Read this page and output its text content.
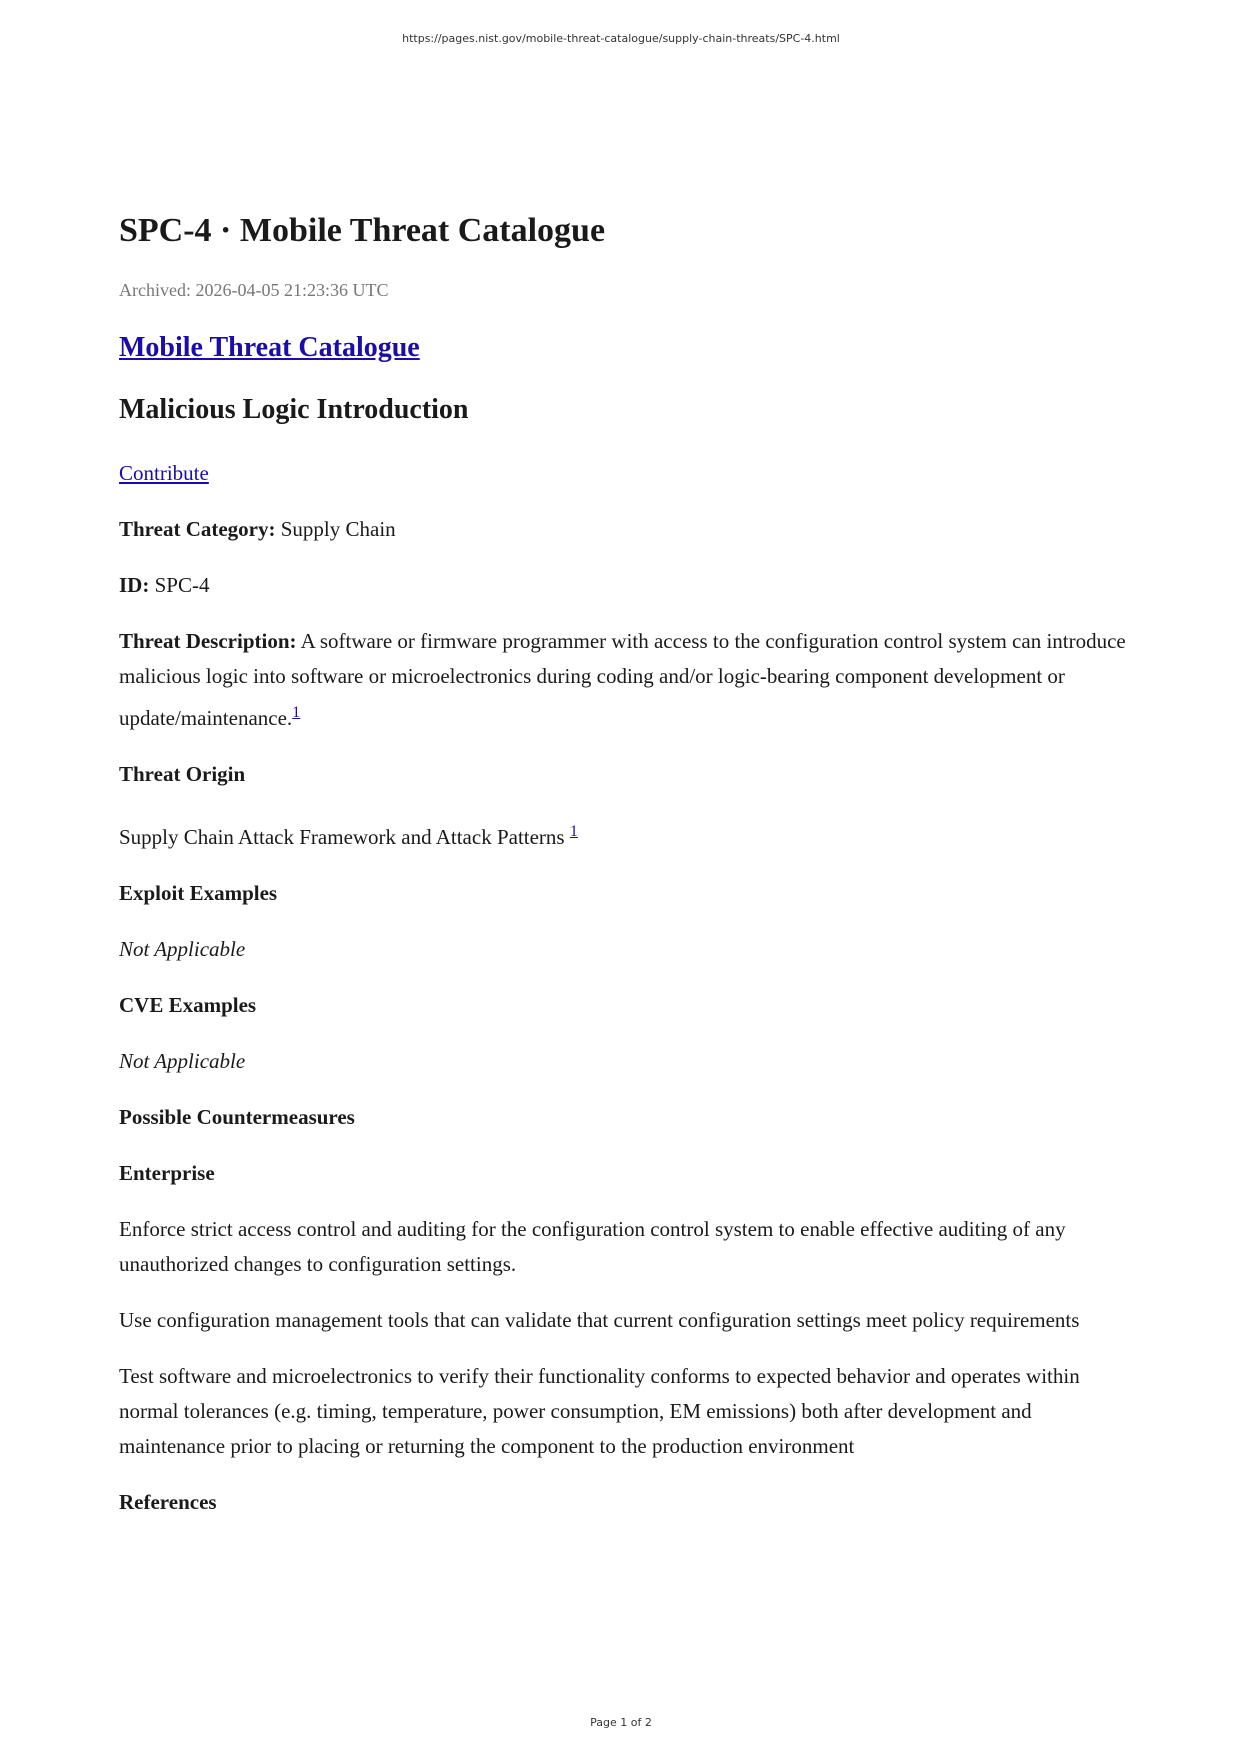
https://pages.nist.gov/mobile-threat-catalogue/supply-chain-threats/SPC-4.html
SPC-4 · Mobile Threat Catalogue
Archived: 2026-04-05 21:23:36 UTC
Mobile Threat Catalogue
Malicious Logic Introduction

Contribute

Threat Category: Supply Chain

ID: SPC-4

Threat Description: A software or firmware programmer with access to the configuration control system can introduce malicious logic into software or microelectronics during coding and/or logic-bearing component development or update/maintenance.$^1$

Threat Origin

Supply Chain Attack Framework and Attack Patterns $^1$

Exploit Examples

Not Applicable

CVE Examples

Not Applicable

Possible Countermeasures
Enterprise

Enforce strict access control and auditing for the configuration control system to enable effective auditing of any unauthorized changes to configuration settings.

Use configuration management tools that can validate that current configuration settings meet policy requirements

Test software and microelectronics to verify their functionality conforms to expected behavior and operates within normal tolerances (e.g. timing, temperature, power consumption, EM emissions) both after development and maintenance prior to placing or returning the component to the production environment

References
Page 1 of 2
